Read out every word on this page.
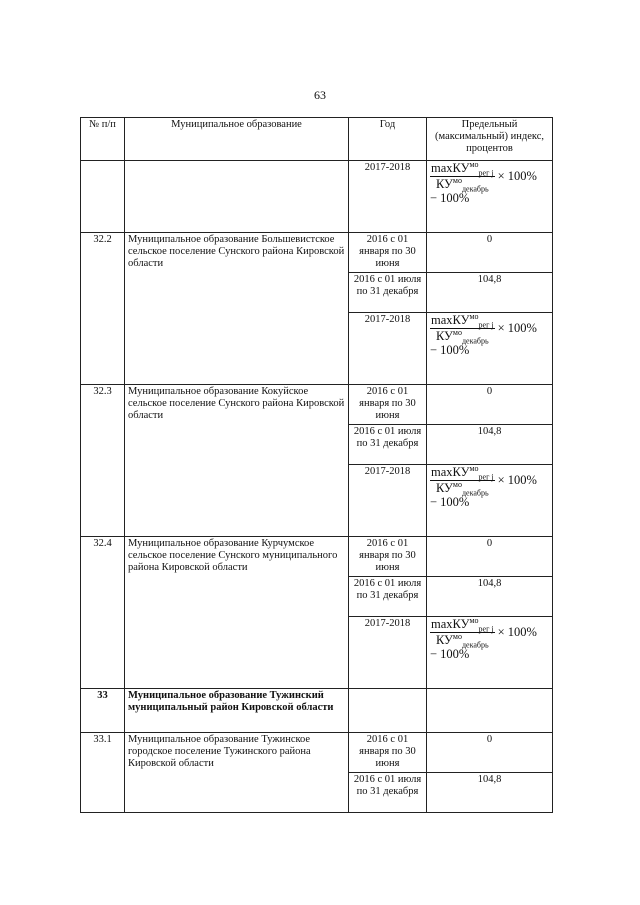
63
№ п/п	Муниципальное образование	Год	Предельный (максимальный) индекс, процентов
		2017-2018	$\frac{\max КУ^{мо}_{рег j}}{КУ^{мо}_{декабрь}} \times 100\%$
− 100%

32.2	Муниципальное образование Большевистское сельское поселение Сунского района Кировской области	2016 с 01 января по 30 июня	0
		2016 с 01 июля по 31 декабря	104,8
		2017-2018	$\frac{\max КУ^{мо}_{рег j}}{КУ^{мо}_{декабрь}} \times 100\%$
− 100%

32.3	Муниципальное образование Кокуйское сельское поселение Сунского района Кировской области	2016 с 01 января по 30 июня	0
		2016 с 01 июля по 31 декабря	104,8
		2017-2018	$\frac{\max КУ^{мо}_{рег j}}{КУ^{мо}_{декабрь}} \times 100\%$
− 100%

32.4	Муниципальное образование Курчумское сельское поселение Сунского муниципального района Кировской области	2016 с 01 января по 30 июня	0
		2016 с 01 июля по 31 декабря	104,8
		2017-2018	$\frac{\max КУ^{мо}_{рег j}}{КУ^{мо}_{декабрь}} \times 100\%$
− 100%

33	Муниципальное образование Тужинский муниципальный район Кировской области		
33.1	Муниципальное образование Тужинское городское поселение Тужинского района Кировской области	2016 с 01 января по 30 июня	0
		2016 с 01 июля по 31 декабря	104,8
